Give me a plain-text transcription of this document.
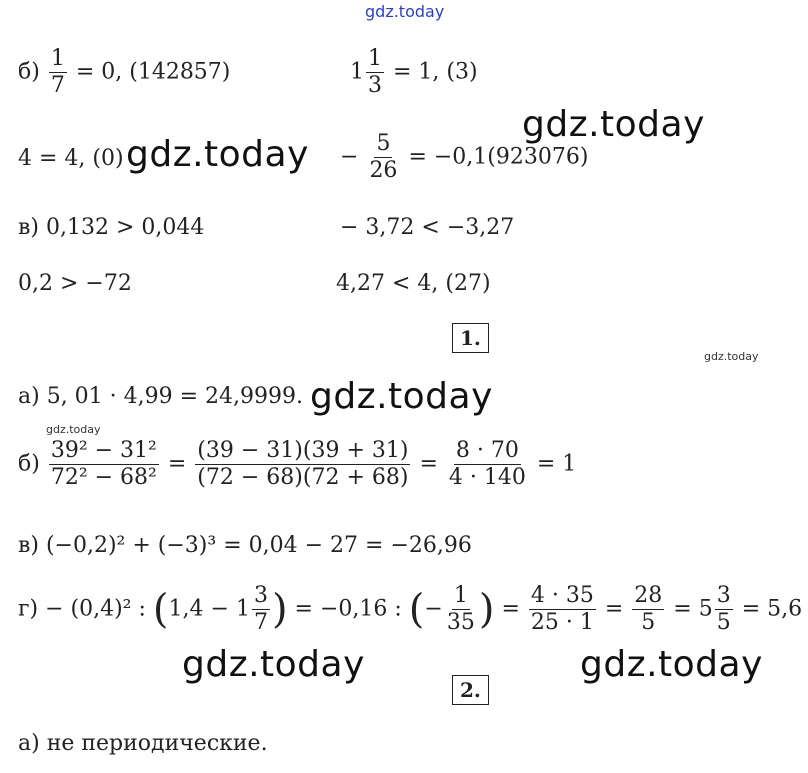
gdz.today
$б) \frac{1}{7} = 0$, (142857)	$1 \frac{1}{3} = 1$, (3)
gdz.today
4 = 4, (0) gdz.today − $\frac{5}{26} = -0,1(923076)$
в) 0,132 > 0,044	− 3,72 < −3,27
0,2 > −72	4,27 < 4, (27)
1.
gdz.today
а) 5, 01 · 4,99 = 24,9999. gdz.today
gdz.today
$б) \frac{\text{39² − 31²}}{\text{72² − 68²}} = \frac{(39 - 31)(39 + 31)}{(72 - 68)(72 + 68)} = \frac{8 \cdot 70}{4 \cdot 140} = 1$
в) (−0,2)² + (−3)³ = 0,04 − 27 = −26,96
г) − (0,4)² : ($1,4 - 1 \frac{3}{7}$ ) = −0,16 : (− $\frac{1}{35}$ ) = $\frac{4 \cdot 35}{25 \cdot 1} = \frac{28}{5} = 5 \frac{3}{5} = 5,6$
gdz.today	gdz.today
2.
а) не периодические.
